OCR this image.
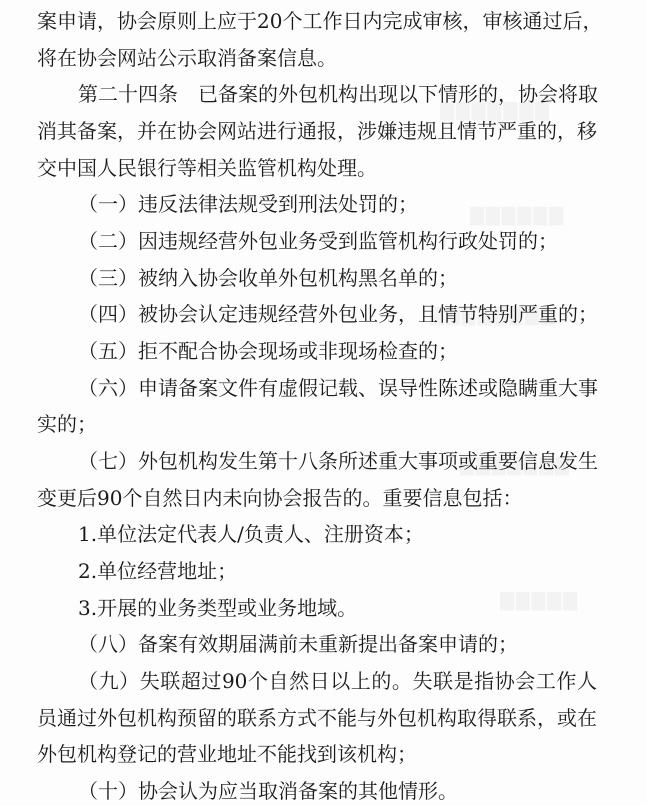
案申请，协会原则上应于20个工作日内完成审核，审核通过后，

将在协会网站公示取消备案信息。

第二十四条　已备案的外包机构出现以下情形的，协会将取

消其备案，并在协会网站进行通报，涉嫌违规且情节严重的，移

交中国人民银行等相关监管机构处理。

（一）违反法律法规受到刑法处罚的；

（二）因违规经营外包业务受到监管机构行政处罚的；

（三）被纳入协会收单外包机构黑名单的；

（四）被协会认定违规经营外包业务，且情节特别严重的；

（五）拒不配合协会现场或非现场检查的；

（六）申请备案文件有虚假记载、误导性陈述或隐瞒重大事

实的；

（七）外包机构发生第十八条所述重大事项或重要信息发生

变更后90个自然日内未向协会报告的。重要信息包括：

1.单位法定代表人/负责人、注册资本；

2.单位经营地址；

3.开展的业务类型或业务地域。

（八）备案有效期届满前未重新提出备案申请的；

（九）失联超过90个自然日以上的。失联是指协会工作人

员通过外包机构预留的联系方式不能与外包机构取得联系，或在

外包机构登记的营业地址不能找到该机构；

（十）协会认为应当取消备案的其他情形。
